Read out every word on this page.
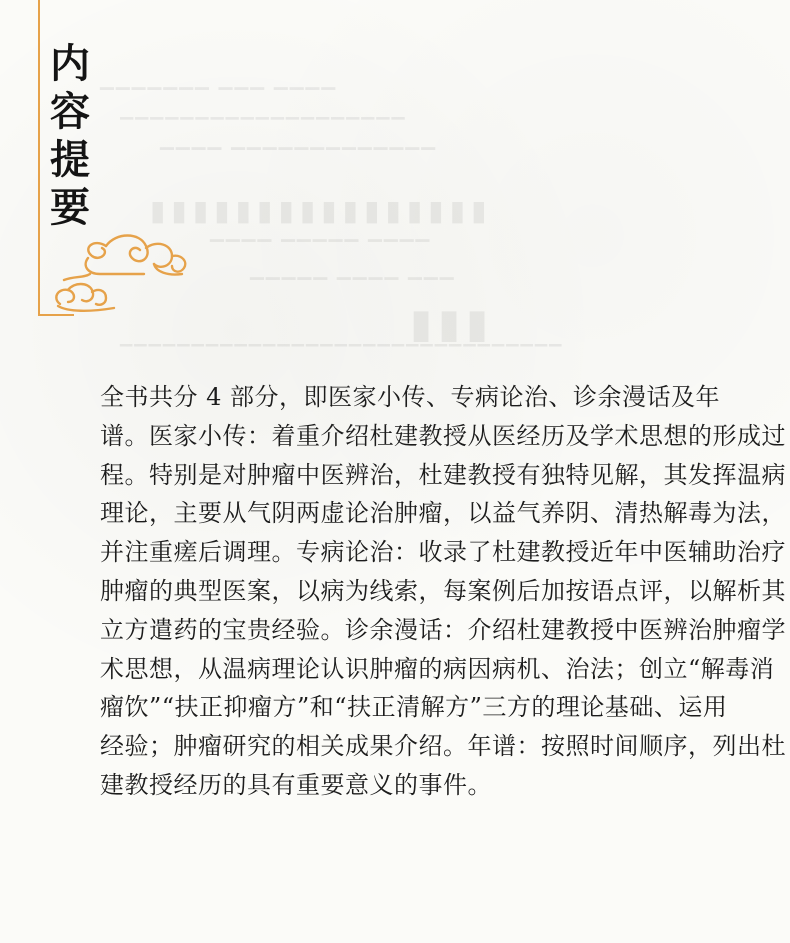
▔▔▔▔▔▔▔ ▔▔▔ ▔▔▔▔
▔▔▔▔▔▔▔▔▔▔▔▔▔▔▔▔▔▔▔
▔▔▔▔ ▔▔▔▔▔▔▔▔▔▔▔▔▔
▮▮▮▮▮▮▮▮▮▮▮▮▮▮▮▮
▔▔▔▔ ▔▔▔▔▔ ▔▔▔▔
▔▔▔▔▔ ▔▔▔▔ ▔▔▔
▮▮▮
▔▔▔▔▔▔▔▔▔▔▔▔▔▔▔▔▔▔▔▔▔▔▔▔▔▔▔▔▔▔▔
内
容
提
要
全书共分 4 部分，即医家小传、专病论治、诊余漫话及年
谱。医家小传：着重介绍杜建教授从医经历及学术思想的形成过
程。特别是对肿瘤中医辨治，杜建教授有独特见解，其发挥温病
理论，主要从气阴两虚论治肿瘤，以益气养阴、清热解毒为法，
并注重瘥后调理。专病论治：收录了杜建教授近年中医辅助治疗
肿瘤的典型医案，以病为线索，每案例后加按语点评，以解析其
立方遣药的宝贵经验。诊余漫话：介绍杜建教授中医辨治肿瘤学
术思想，从温病理论认识肿瘤的病因病机、治法；创立“解毒消
瘤饮”“扶正抑瘤方”和“扶正清解方”三方的理论基础、运用
经验；肿瘤研究的相关成果介绍。年谱：按照时间顺序，列出杜
建教授经历的具有重要意义的事件。
